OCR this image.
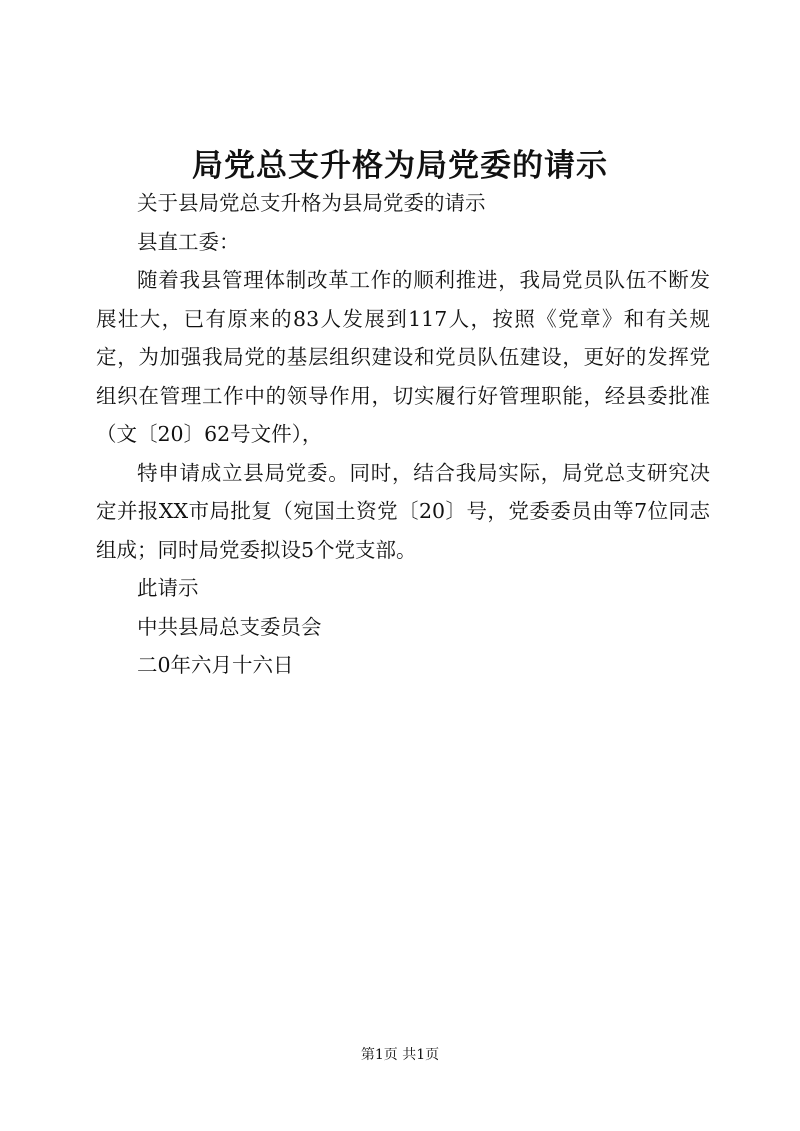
局党总支升格为局党委的请示

关于县局党总支升格为县局党委的请示

县直工委：

随着我县管理体制改革工作的顺利推进，我局党员队伍不断发展壮大，已有原来的83人发展到117人，按照《党章》和有关规定，为加强我局党的基层组织建设和党员队伍建设，更好的发挥党组织在管理工作中的领导作用，切实履行好管理职能，经县委批准（文〔20〕62号文件），

特申请成立县局党委。同时，结合我局实际，局党总支研究决定并报XX市局批复（宛国土资党〔20〕号，党委委员由等7位同志组成；同时局党委拟设5个党支部。

此请示

中共县局总支委员会

二0年六月十六日

第1页 共1页
